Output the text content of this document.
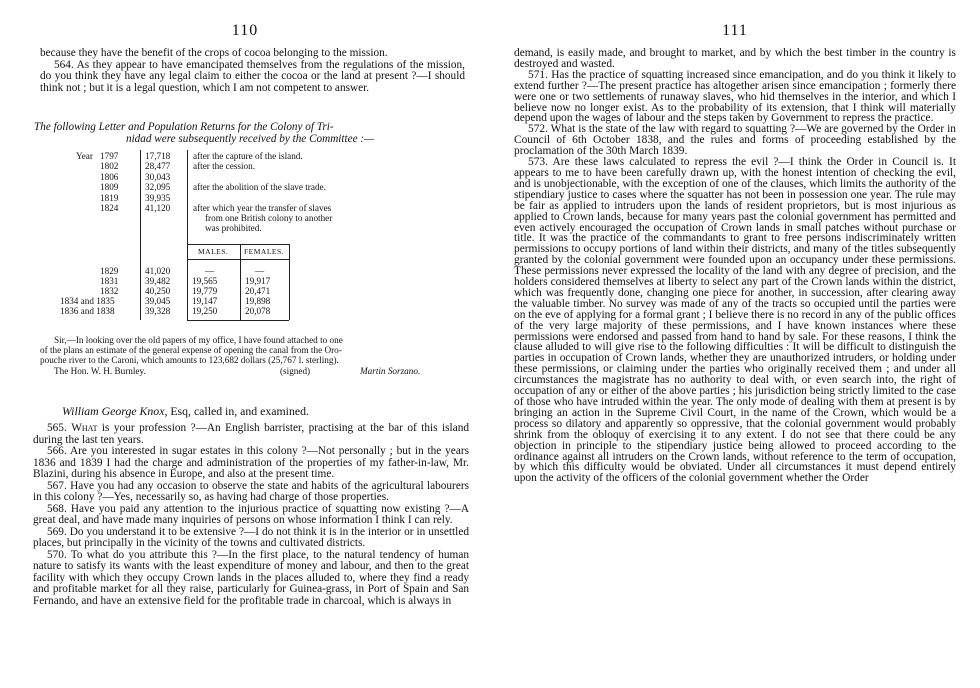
110

because they have the benefit of the crops of cocoa belonging to the mission.

564. As they appear to have emancipated themselves from the regulations of the mission, do you think they have any legal claim to either the cocoa or the land at present ?—I should think not ; but it is a legal question, which I am not competent to answer.

The following Letter and Population Returns for the Colony of Tri-
nidad were subsequently received by the Committee :—
Year 1797	17,718 after the capture of the island.
1802	28,477 after the cession.
1806	30,043
1809	32,095 after the abolition of the slave trade.
1819	39,935
1824	41,120 after which year the transfer of slaves
from one British colony to another
was prohibited.
MALES. FEMALES.
1829	41,020	—	—
1831	39,482 19,565	19,917
1832	40,250 19,779	20,471
1834 and 1835	39,045 19,147	19,898
1836 and 1838	39,328 19,250	20,078
Sir,—In looking over the old papers of my office, I have found attached to one
of the plans an estimate of the general expense of opening the canal from the Oro-
pouche river to the Caroni, which amounts to 123,682 dollars (25,767 l. sterling).
The Hon. W. H. Burnley.	(signed)	Martin Sorzano.
William George Knox, Esq, called in, and examined.

565. What is your profession ?—An English barrister, practising at the bar of this island during the last ten years.

566. Are you interested in sugar estates in this colony ?—Not personally ; but in the years 1836 and 1839 I had the charge and administration of the properties of my father-in-law, Mr. Blazini, during his absence in Europe, and also at the present time.

567. Have you had any occasion to observe the state and habits of the agricultural labourers in this colony ?—Yes, necessarily so, as having had charge of those properties.

568. Have you paid any attention to the injurious practice of squatting now existing ?—A great deal, and have made many inquiries of persons on whose information I think I can rely.

569. Do you understand it to be extensive ?—I do not think it is in the interior or in unsettled places, but principally in the vicinity of the towns and cultivated districts.

570. To what do you attribute this ?—In the first place, to the natural tendency of human nature to satisfy its wants with the least expenditure of money and labour, and then to the great facility with which they occupy Crown lands in the places alluded to, where they find a ready and profitable market for all they raise, particularly for Guinea-grass, in Port of Spain and San Fernando, and have an extensive field for the profitable trade in charcoal, which is always in

111

demand, is easily made, and brought to market, and by which the best timber in the country is destroyed and wasted.

571. Has the practice of squatting increased since emancipation, and do you think it likely to extend further ?—The present practice has altogether arisen since emancipation ; formerly there were one or two settlements of runaway slaves, who hid themselves in the interior, and which I believe now no longer exist. As to the probability of its extension, that I think will materially depend upon the wages of labour and the steps taken by Government to repress the practice.

572. What is the state of the law with regard to squatting ?—We are governed by the Order in Council of 6th October 1838, and the rules and forms of proceeding established by the proclamation of the 30th March 1839.

573. Are these laws calculated to repress the evil ?—I think the Order in Council is. It appears to me to have been carefully drawn up, with the honest intention of checking the evil, and is unobjectionable, with the exception of one of the clauses, which limits the authority of the stipendiary justice to cases where the squatter has not been in possession one year. The rule may be fair as applied to intruders upon the lands of resident proprietors, but is most injurious as applied to Crown lands, because for many years past the colonial government has permitted and even actively encouraged the occupation of Crown lands in small patches without purchase or title. It was the practice of the commandants to grant to free persons indiscriminately written permissions to occupy portions of land within their districts, and many of the titles subsequently granted by the colonial government were founded upon an occupancy under these permissions. These permissions never expressed the locality of the land with any degree of precision, and the holders considered themselves at liberty to select any part of the Crown lands within the district, which was frequently done, changing one piece for another, in succession, after clearing away the valuable timber. No survey was made of any of the tracts so occupied until the parties were on the eve of applying for a formal grant ; I believe there is no record in any of the public offices of the very large majority of these permissions, and I have known instances where these permissions were endorsed and passed from hand to hand by sale. For these reasons, I think the clause alluded to will give rise to the following difficulties : It will be difficult to distinguish the parties in occupation of Crown lands, whether they are unauthorized intruders, or holding under these permissions, or claiming under the parties who originally received them ; and under all circumstances the magistrate has no authority to deal with, or even search into, the right of occupation of any or either of the above parties ; his jurisdiction being strictly limited to the case of those who have intruded within the year. The only mode of dealing with them at present is by bringing an action in the Supreme Civil Court, in the name of the Crown, which would be a process so dilatory and apparently so oppressive, that the colonial government would probably shrink from the obloquy of exercising it to any extent. I do not see that there could be any objection in principle to the stipendiary justice being allowed to proceed according to the ordinance against all intruders on the Crown lands, without reference to the term of occupation, by which this difficulty would be obviated. Under all circumstances it must depend entirely upon the activity of the officers of the colonial government whether the Order
